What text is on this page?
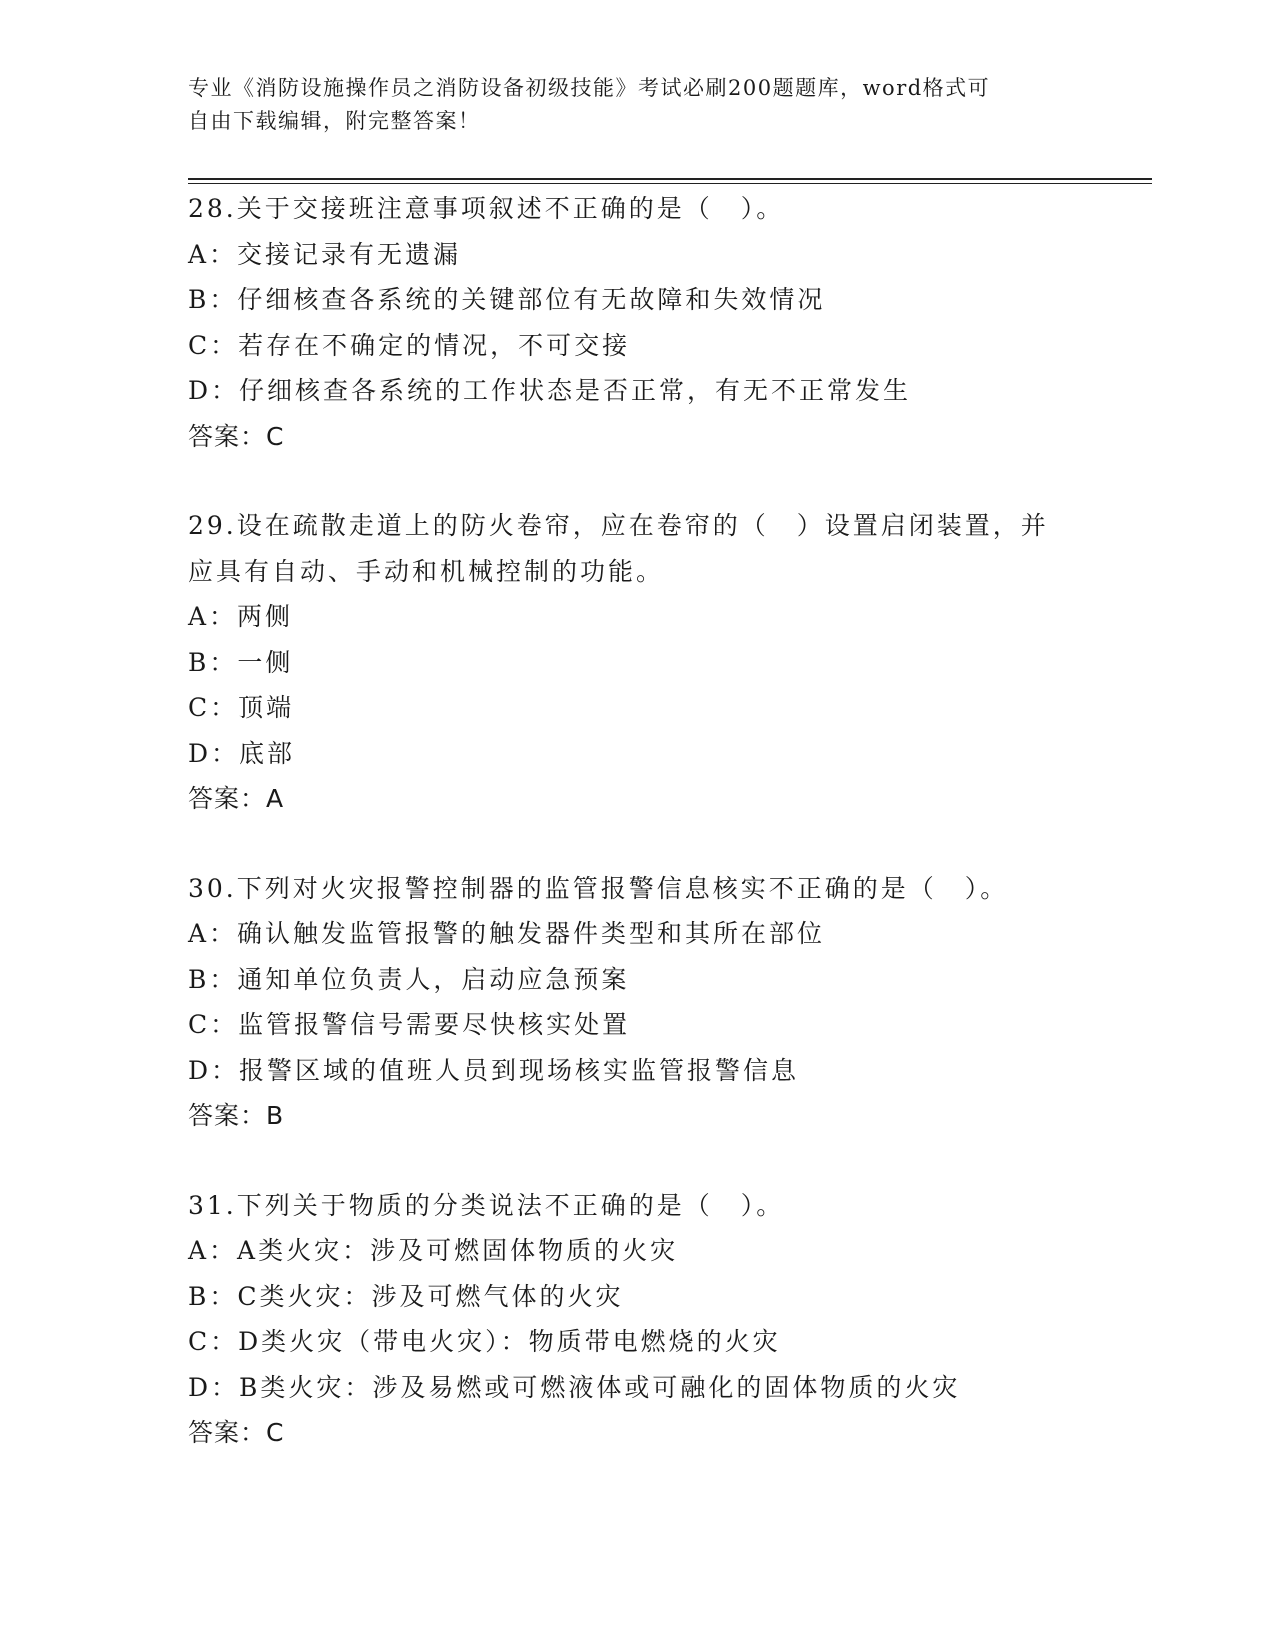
专业《消防设施操作员之消防设备初级技能》考试必刷200题题库，word格式可
自由下载编辑，附完整答案！
28.关于交接班注意事项叙述不正确的是（　）。
A：交接记录有无遗漏
B：仔细核查各系统的关键部位有无故障和失效情况
C：若存在不确定的情况，不可交接
D：仔细核查各系统的工作状态是否正常，有无不正常发生
答案：C
29.设在疏散走道上的防火卷帘，应在卷帘的（　）设置启闭装置，并
应具有自动、手动和机械控制的功能。
A：两侧
B：一侧
C：顶端
D：底部
答案：A
30.下列对火灾报警控制器的监管报警信息核实不正确的是（　）。
A：确认触发监管报警的触发器件类型和其所在部位
B：通知单位负责人，启动应急预案
C：监管报警信号需要尽快核实处置
D：报警区域的值班人员到现场核实监管报警信息
答案：B
31.下列关于物质的分类说法不正确的是（　）。
A：A类火灾：涉及可燃固体物质的火灾
B：C类火灾：涉及可燃气体的火灾
C：D类火灾（带电火灾）：物质带电燃烧的火灾
D：B类火灾：涉及易燃或可燃液体或可融化的固体物质的火灾
答案：C
